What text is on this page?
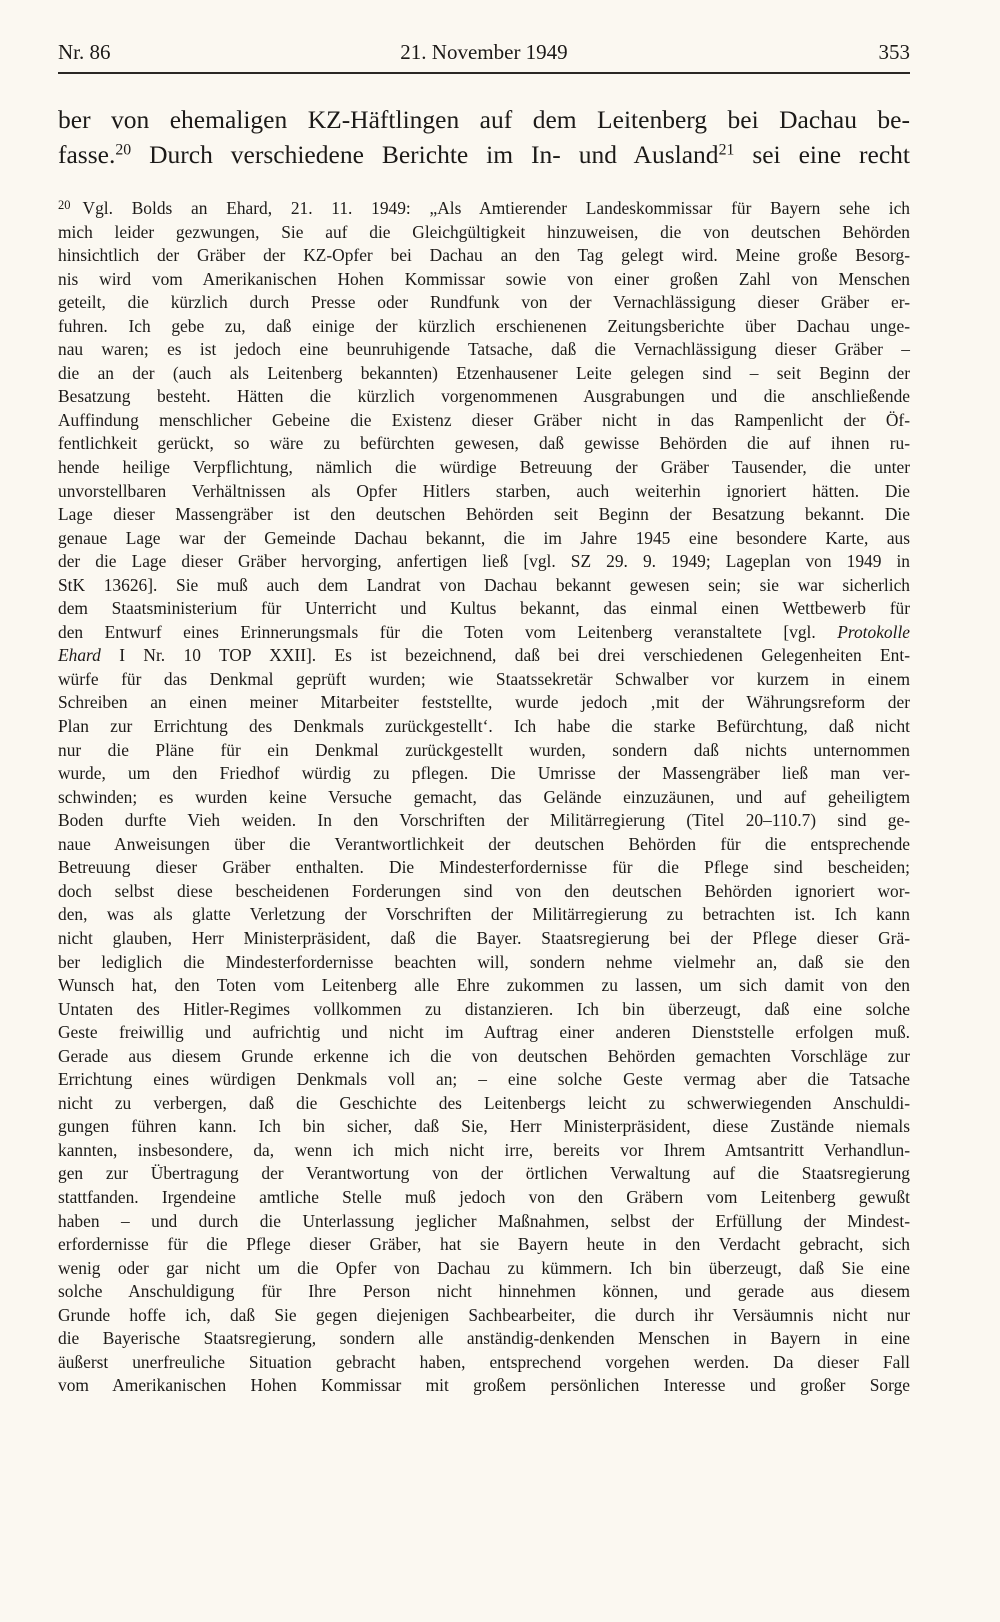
Nr. 86	21. November 1949	353
ber von ehemaligen KZ-Häftlingen auf dem Leitenberg bei Dachau be-
fasse.$^{20}$ Durch verschiedene Berichte im In- und Ausland$^{21}$ sei eine recht
$^{20}$ Vgl. Bolds an Ehard, 21. 11. 1949: „Als Amtierender Landeskommissar für Bayern sehe ich
mich leider gezwungen, Sie auf die Gleichgültigkeit hinzuweisen, die von deutschen Behörden
hinsichtlich der Gräber der KZ-Opfer bei Dachau an den Tag gelegt wird. Meine große Besorg-
nis wird vom Amerikanischen Hohen Kommissar sowie von einer großen Zahl von Menschen
geteilt, die kürzlich durch Presse oder Rundfunk von der Vernachlässigung dieser Gräber er-
fuhren. Ich gebe zu, daß einige der kürzlich erschienenen Zeitungsberichte über Dachau unge-
nau waren; es ist jedoch eine beunruhigende Tatsache, daß die Vernachlässigung dieser Gräber –
die an der (auch als Leitenberg bekannten) Etzenhausener Leite gelegen sind – seit Beginn der
Besatzung besteht. Hätten die kürzlich vorgenommenen Ausgrabungen und die anschließende
Auffindung menschlicher Gebeine die Existenz dieser Gräber nicht in das Rampenlicht der Öf-
fentlichkeit gerückt, so wäre zu befürchten gewesen, daß gewisse Behörden die auf ihnen ru-
hende heilige Verpflichtung, nämlich die würdige Betreuung der Gräber Tausender, die unter
unvorstellbaren Verhältnissen als Opfer Hitlers starben, auch weiterhin ignoriert hätten. Die
Lage dieser Massengräber ist den deutschen Behörden seit Beginn der Besatzung bekannt. Die
genaue Lage war der Gemeinde Dachau bekannt, die im Jahre 1945 eine besondere Karte, aus
der die Lage dieser Gräber hervorging, anfertigen ließ [vgl. SZ 29. 9. 1949; Lageplan von 1949 in
StK 13626]. Sie muß auch dem Landrat von Dachau bekannt gewesen sein; sie war sicherlich
dem Staatsministerium für Unterricht und Kultus bekannt, das einmal einen Wettbewerb für
den Entwurf eines Erinnerungsmals für die Toten vom Leitenberg veranstaltete [vgl. Protokolle
Ehard I Nr. 10 TOP XXII]. Es ist bezeichnend, daß bei drei verschiedenen Gelegenheiten Ent-
würfe für das Denkmal geprüft wurden; wie Staatssekretär Schwalber vor kurzem in einem
Schreiben an einen meiner Mitarbeiter feststellte, wurde jedoch ‚mit der Währungsreform der
Plan zur Errichtung des Denkmals zurückgestellt‘. Ich habe die starke Befürchtung, daß nicht
nur die Pläne für ein Denkmal zurückgestellt wurden, sondern daß nichts unternommen
wurde, um den Friedhof würdig zu pflegen. Die Umrisse der Massengräber ließ man ver-
schwinden; es wurden keine Versuche gemacht, das Gelände einzuzäunen, und auf geheiligtem
Boden durfte Vieh weiden. In den Vorschriften der Militärregierung (Titel 20–110.7) sind ge-
naue Anweisungen über die Verantwortlichkeit der deutschen Behörden für die entsprechende
Betreuung dieser Gräber enthalten. Die Mindesterfordernisse für die Pflege sind bescheiden;
doch selbst diese bescheidenen Forderungen sind von den deutschen Behörden ignoriert wor-
den, was als glatte Verletzung der Vorschriften der Militärregierung zu betrachten ist. Ich kann
nicht glauben, Herr Ministerpräsident, daß die Bayer. Staatsregierung bei der Pflege dieser Grä-
ber lediglich die Mindesterfordernisse beachten will, sondern nehme vielmehr an, daß sie den
Wunsch hat, den Toten vom Leitenberg alle Ehre zukommen zu lassen, um sich damit von den
Untaten des Hitler-Regimes vollkommen zu distanzieren. Ich bin überzeugt, daß eine solche
Geste freiwillig und aufrichtig und nicht im Auftrag einer anderen Dienststelle erfolgen muß.
Gerade aus diesem Grunde erkenne ich die von deutschen Behörden gemachten Vorschläge zur
Errichtung eines würdigen Denkmals voll an; – eine solche Geste vermag aber die Tatsache
nicht zu verbergen, daß die Geschichte des Leitenbergs leicht zu schwerwiegenden Anschuldi-
gungen führen kann. Ich bin sicher, daß Sie, Herr Ministerpräsident, diese Zustände niemals
kannten, insbesondere, da, wenn ich mich nicht irre, bereits vor Ihrem Amtsantritt Verhandlun-
gen zur Übertragung der Verantwortung von der örtlichen Verwaltung auf die Staatsregierung
stattfanden. Irgendeine amtliche Stelle muß jedoch von den Gräbern vom Leitenberg gewußt
haben – und durch die Unterlassung jeglicher Maßnahmen, selbst der Erfüllung der Mindest-
erfordernisse für die Pflege dieser Gräber, hat sie Bayern heute in den Verdacht gebracht, sich
wenig oder gar nicht um die Opfer von Dachau zu kümmern. Ich bin überzeugt, daß Sie eine
solche Anschuldigung für Ihre Person nicht hinnehmen können, und gerade aus diesem
Grunde hoffe ich, daß Sie gegen diejenigen Sachbearbeiter, die durch ihr Versäumnis nicht nur
die Bayerische Staatsregierung, sondern alle anständig-denkenden Menschen in Bayern in eine
äußerst unerfreuliche Situation gebracht haben, entsprechend vorgehen werden. Da dieser Fall
vom Amerikanischen Hohen Kommissar mit großem persönlichen Interesse und großer Sorge
